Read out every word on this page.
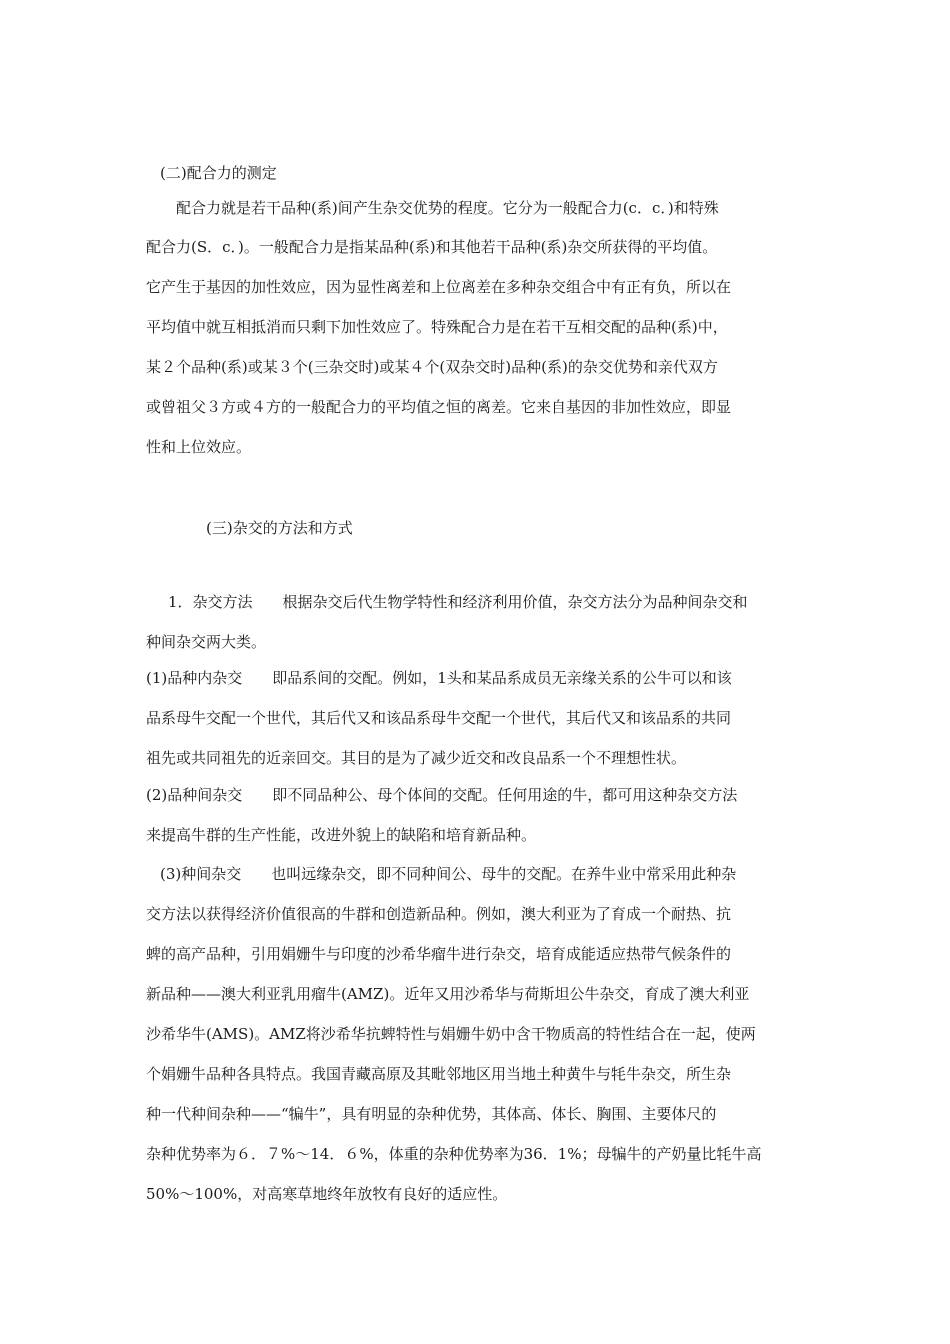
(二)配合力的测定
配合力就是若干品种(系)间产生杂交优势的程度。它分为一般配合力(c．c．)和特殊
配合力(S．c．)。一般配合力是指某品种(系)和其他若干品种(系)杂交所获得的平均值。
它产生于基因的加性效应，因为显性离差和上位离差在多种杂交组合中有正有负，所以在
平均值中就互相抵消而只剩下加性效应了。特殊配合力是在若干互相交配的品种(系)中，
某２个品种(系)或某３个(三杂交时)或某４个(双杂交时)品种(系)的杂交优势和亲代双方
或曾祖父３方或４方的一般配合力的平均值之恒的离差。它来自基因的非加性效应，即显
性和上位效应。
(三)杂交的方法和方式
1．杂交方法　　根据杂交后代生物学特性和经济利用价值，杂交方法分为品种间杂交和
种间杂交两大类。
(1)品种内杂交　　即品系间的交配。例如，1头和某品系成员无亲缘关系的公牛可以和该
品系母牛交配一个世代，其后代又和该品系母牛交配一个世代，其后代又和该品系的共同
祖先或共同祖先的近亲回交。其目的是为了减少近交和改良品系一个不理想性状。
(2)品种间杂交　　即不同品种公、母个体间的交配。任何用途的牛，都可用这种杂交方法
来提高牛群的生产性能，改进外貌上的缺陷和培育新品种。
(3)种间杂交　　也叫远缘杂交，即不同种间公、母牛的交配。在养牛业中常采用此种杂
交方法以获得经济价值很高的牛群和创造新品种。例如，澳大利亚为了育成一个耐热、抗
蜱的高产品种，引用娟姗牛与印度的沙希华瘤牛进行杂交，培育成能适应热带气候条件的
新品种——澳大利亚乳用瘤牛(AMZ)。近年又用沙希华与荷斯坦公牛杂交，育成了澳大利亚
沙希华牛(AMS)。AMZ将沙希华抗蜱特性与娟姗牛奶中含干物质高的特性结合在一起，使两
个娟姗牛品种各具特点。我国青藏高原及其毗邻地区用当地土种黄牛与牦牛杂交，所生杂
种一代种间杂种——“犏牛”，具有明显的杂种优势，其体高、体长、胸围、主要体尺的
杂种优势率为６．７%～14．６%，体重的杂种优势率为36．1%；母犏牛的产奶量比牦牛高
50%～100%，对高寒草地终年放牧有良好的适应性。
